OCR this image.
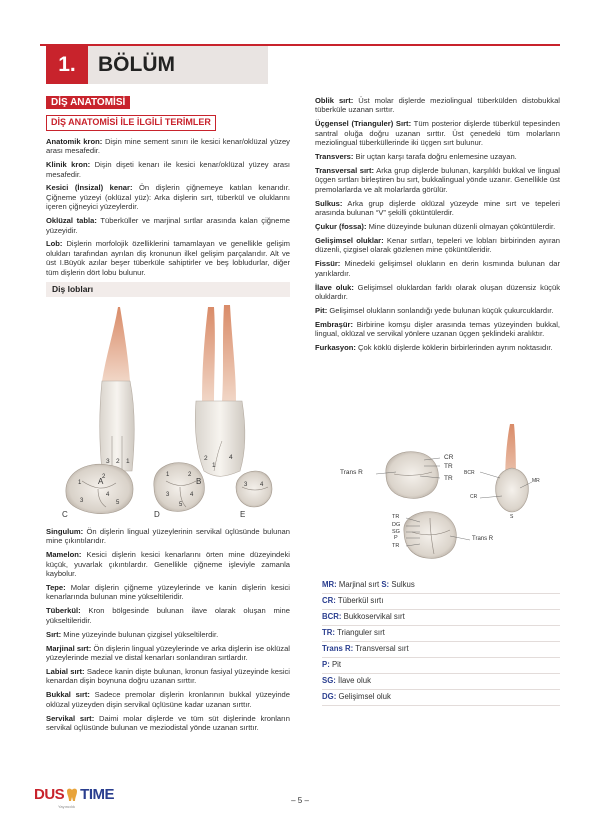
1.	BÖLÜM
DİŞ ANATOMİSİ
DİŞ ANATOMİSİ İLE İLGİLİ TERİMLER

Anatomik kron: Dişin mine sement sınırı ile kesici kenar/oklüzal yüzey arası mesafedir.

Klinik kron: Dişin dişeti kenarı ile kesici kenar/oklüzal yüzey arası mesafedir.

Kesici (İnsizal) kenar: Ön dişlerin çiğnemeye katılan kenarıdır. Çiğneme yüzeyi (oklüzal yüz): Arka dişlerin sırt, tüberkül ve oluklarını içeren çiğneyici yüzeylerdir.

Oklüzal tabla: Tüberküller ve marjinal sırtlar arasında kalan çiğneme yüzeyidir.

Lob: Dişlerin morfolojik özelliklerini tamamlayan ve genellikle gelişim olukları tarafından ayrılan diş kronunun ilkel gelişim parçalarıdır. Alt ve üst I.Büyük azılar beşer tüberküle sahiptirler ve beş lobludurlar, diğer tüm dişlerin dört lobu bulunur.

Diş lobları
3 2 1	2
1
4
1
2
3
4
5
1	2
3	4
5
3 4
A	B
C	D	E

Singulum: Ön dişlerin lingual yüzeylerinin servikal üçlüsünde bulunan mine çıkıntılarıdır.

Mamelon: Kesici dişlerin kesici kenarlarını örten mine düzeyindeki küçük, yuvarlak çıkıntılardır. Genellikle çiğneme işleviyle zamanla kaybolur.

Tepe: Molar dişlerin çiğneme yüzeylerinde ve kanin dişlerin kesici kenarlarında bulunan mine yükseltileridir.

Tüberkül: Kron bölgesinde bulunan ilave olarak oluşan mine yükseltileridir.

Sırt: Mine yüzeyinde bulunan çizgisel yükseltilerdir.

Marjinal sırt: Ön dişlerin lingual yüzeylerinde ve arka dişlerin ise oklüzal yüzeylerinde mezial ve distal kenarları sonlandıran sırtlardır.

Labial sırt: Sadece kanin dişte bulunan, kronun fasiyal yüzeyinde kesici kenardan dişin boynuna doğru uzanan sırttır.

Bukkal sırt: Sadece premolar dişlerin kronlarının bukkal yüzeyinde oklüzal yüzeyden dişin servikal üçlüsüne kadar uzanan sırttır.

Servikal sırt: Daimi molar dişlerde ve tüm süt dişlerinde kronların servikal üçlüsünde bulunan ve meziodistal yönde uzanan sırttır.

Oblik sırt: Üst molar dişlerde meziolingual tüberkülden distobukkal tüberküle uzanan sırttır.

Üçgensel (Trianguler) Sırt: Tüm posterior dişlerde tüberkül tepesinden santral oluğa doğru uzanan sırttır. Üst çenedeki tüm molarların meziolingual tüberküllerinde iki üçgen sırt bulunur.

Transvers: Bir uçtan karşı tarafa doğru enlemesine uzayan.

Transversal sırt: Arka grup dişlerde bulunan, karşılıklı bukkal ve lingual üçgen sırtları birleştiren bu sırt, bukkalingual yönde uzanır. Genellikle üst premolarlarda ve alt molarlarda görülür.

Sulkus: Arka grup dişlerde oklüzal yüzeyde mine sırt ve tepeleri arasında bulunan “V” şekilli çöküntülerdir.

Çukur (fossa): Mine düzeyinde bulunan düzenli olmayan çöküntülerdir.

Gelişimsel oluklar: Kenar sırtları, tepeleri ve lobları birbirinden ayıran düzenli, çizgisel olarak gözlenen mine çöküntüleridir.

Fissür: Minedeki gelişimsel olukların en derin kısmında bulunan dar yarıklardır.

İlave oluk: Gelişimsel oluklardan farklı olarak oluşan düzensiz küçük oluklardır.

Pit: Gelişimsel olukların sonlandığı yede bulunan küçük çukurcuklardır.

Embraşür: Birbirine komşu dişler arasında temas yüzeyinden bukkal, lingual, oklüzal ve servikal yönlere uzanan üçgen şeklindeki aralıktır.

Furkasyon: Çok köklü dişlerde köklerin birbirlerinden ayrım noktasıdır.

CR
TR
Trans R
TR
BCR
CR
MR
S
TR
DG
SG
P
TR
Trans R
MR: Marjinal sırt S: Sulkus
CR: Tüberkül sırtı
BCR: Bukkoservikal sırt
TR: Trianguler sırt
Trans R: Transversal sırt
P: Pit
SG: İlave oluk
DG: Gelişimsel oluk
DUS TIME
Yayıncılık
– 5 –
